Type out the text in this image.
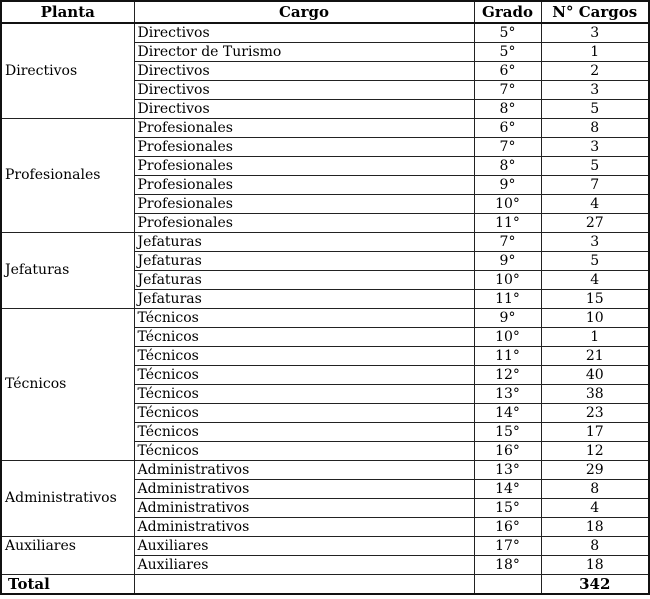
Planta	Cargo	Grado	N° Cargos
Directivos	Directivos	5°	3
	Director de Turismo	5°	1
	Directivos	6°	2
	Directivos	7°	3
	Directivos	8°	5
Profesionales	Profesionales	6°	8
	Profesionales	7°	3
	Profesionales	8°	5
	Profesionales	9°	7
	Profesionales	10°	4
	Profesionales	11°	27
Jefaturas	Jefaturas	7°	3
	Jefaturas	9°	5
	Jefaturas	10°	4
	Jefaturas	11°	15
Técnicos	Técnicos	9°	10
	Técnicos	10°	1
	Técnicos	11°	21
	Técnicos	12°	40
	Técnicos	13°	38
	Técnicos	14°	23
	Técnicos	15°	17
	Técnicos	16°	12
Administrativos	Administrativos	13°	29
	Administrativos	14°	8
	Administrativos	15°	4
	Administrativos	16°	18
Auxiliares	Auxiliares	17°	8
	Auxiliares	18°	18
Total			342
